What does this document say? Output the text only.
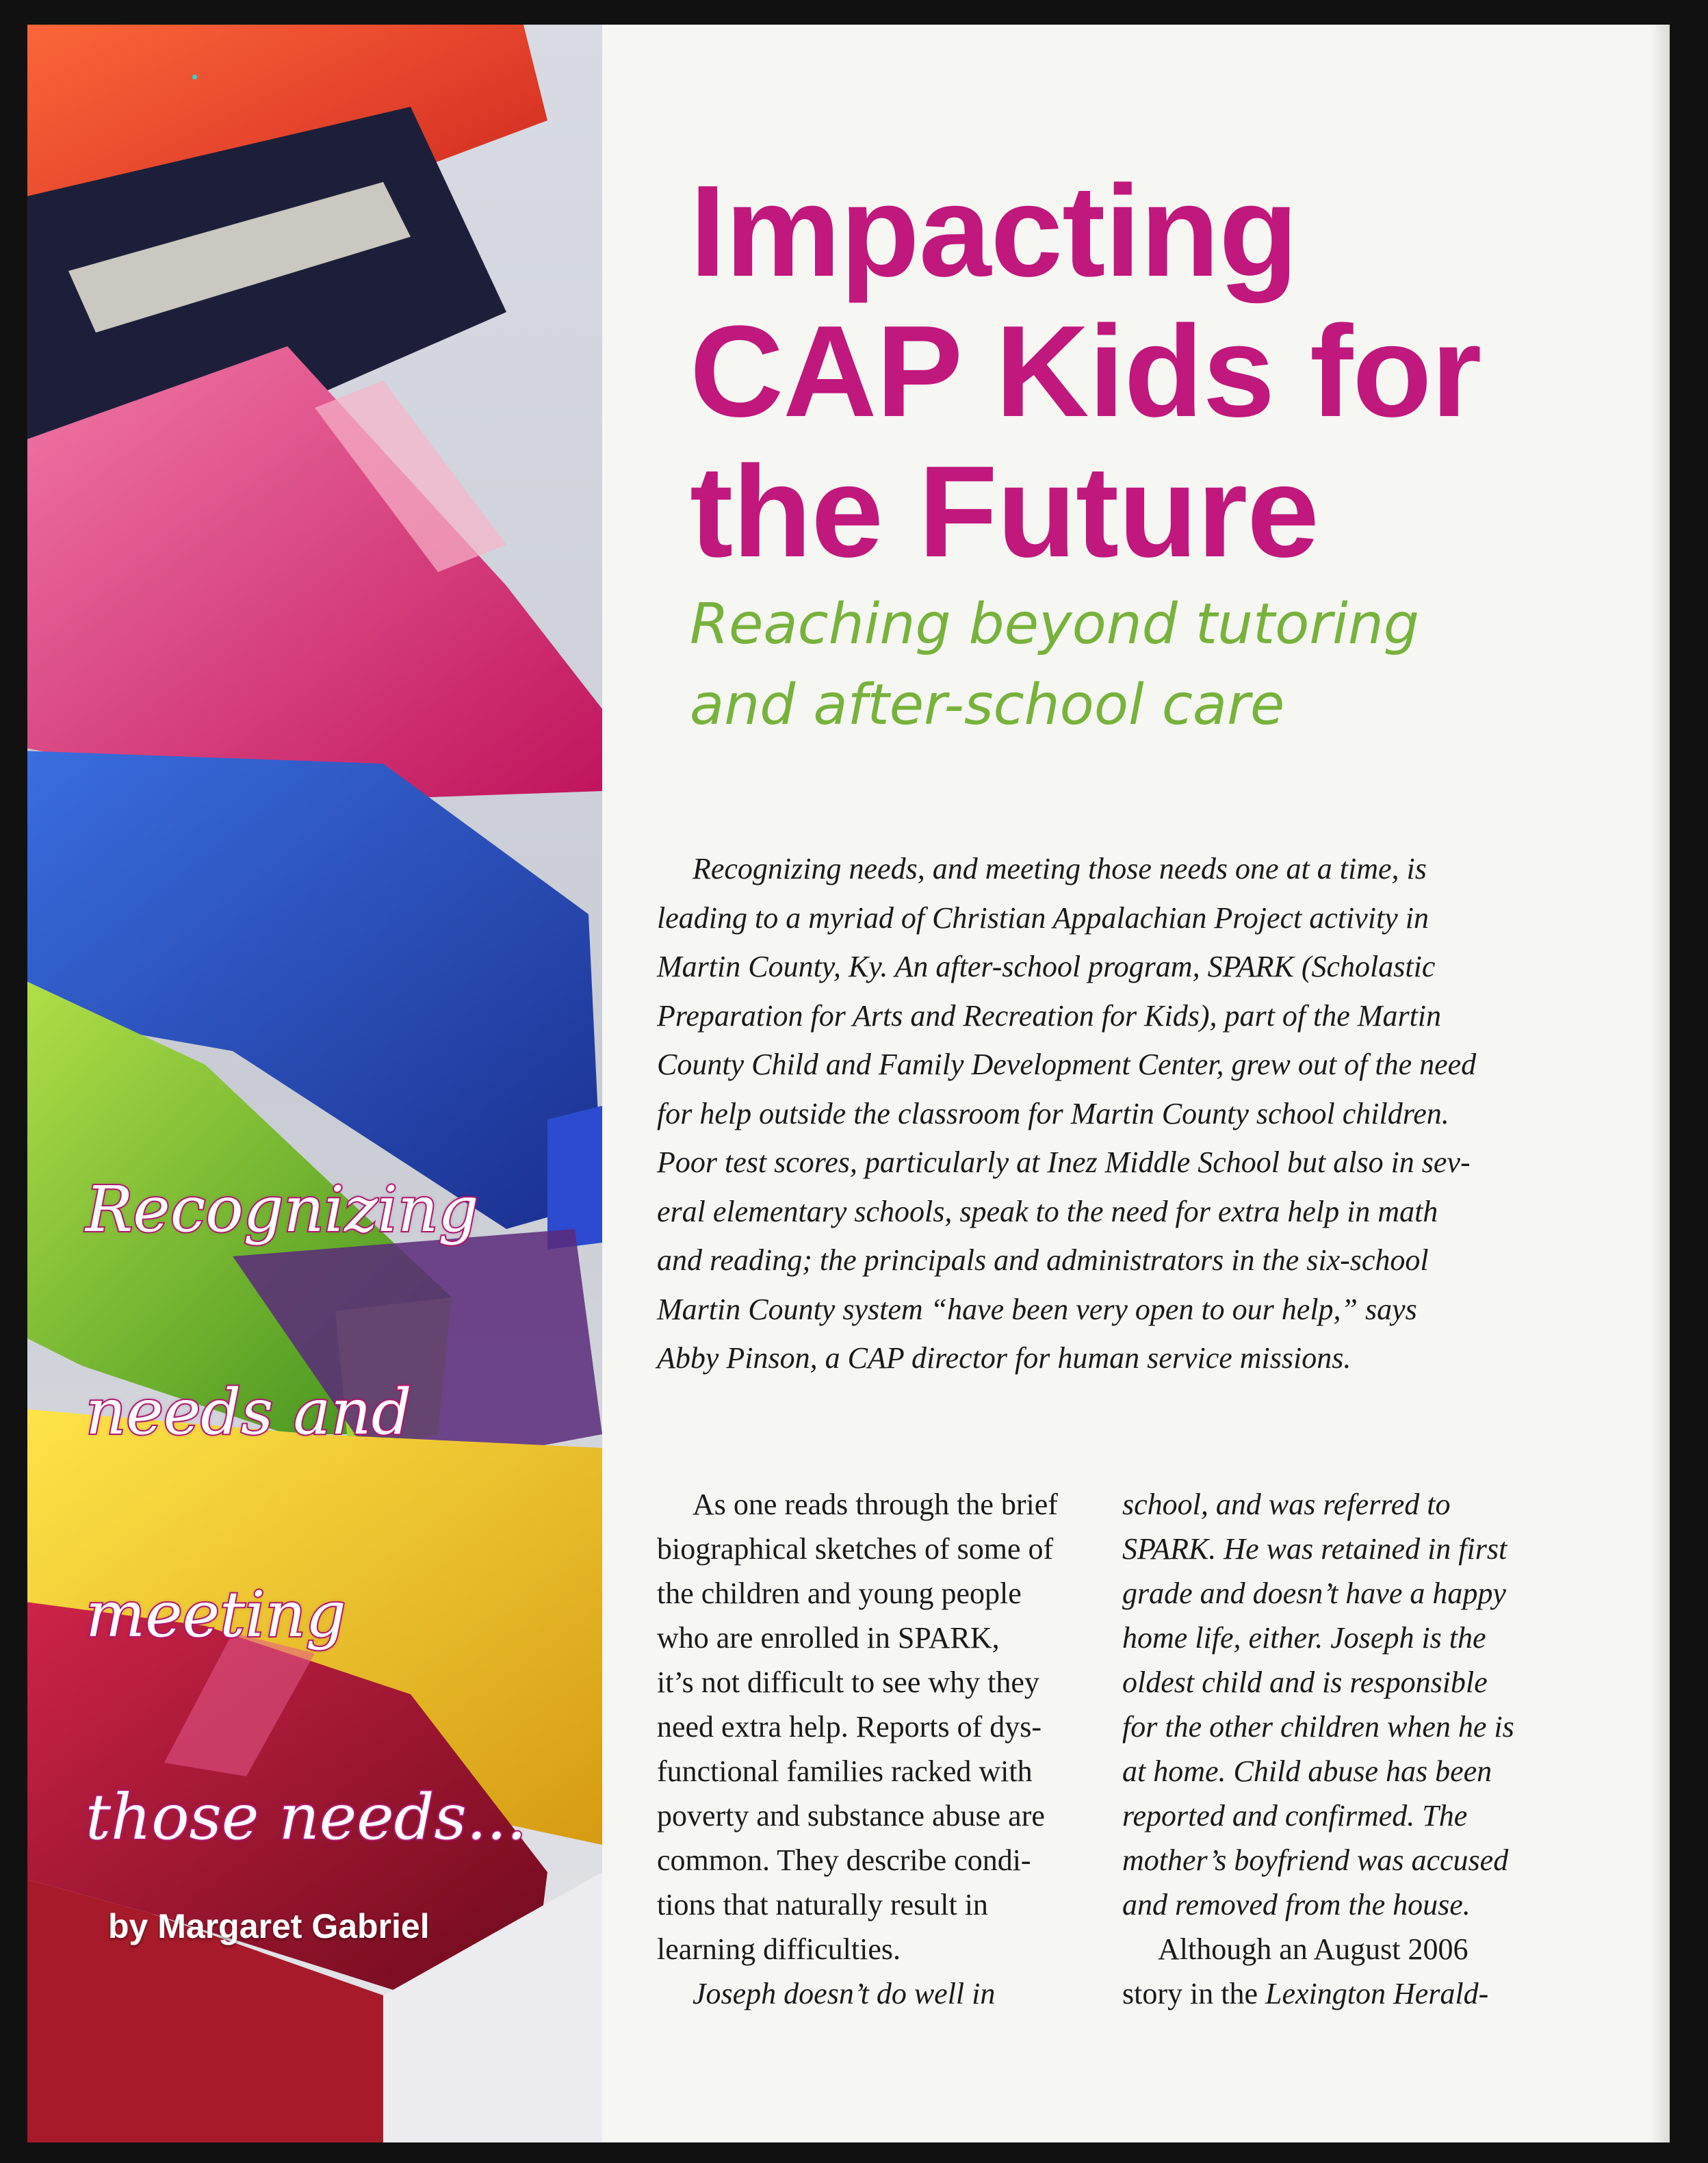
Recognizing

needs and

meeting

those needs...

by Margaret Gabriel
Impacting
CAP Kids for
the Future
Reaching beyond tutoring
and after-school care
Recognizing needs, and meeting those needs one at a time, is
leading to a myriad of Christian Appalachian Project activity in
Martin County, Ky. An after-school program, SPARK (Scholastic
Preparation for Arts and Recreation for Kids), part of the Martin
County Child and Family Development Center, grew out of the need
for help outside the classroom for Martin County school children.
Poor test scores, particularly at Inez Middle School but also in sev-
eral elementary schools, speak to the need for extra help in math
and reading; the principals and administrators in the six-school
Martin County system “have been very open to our help,” says
Abby Pinson, a CAP director for human service missions.
As one reads through the brief
biographical sketches of some of
the children and young people
who are enrolled in SPARK,
it’s not difficult to see why they
need extra help. Reports of dys-
functional families racked with
poverty and substance abuse are
common. They describe condi-
tions that naturally result in
learning difficulties.
Joseph doesn’t do well in
school, and was referred to
SPARK. He was retained in first
grade and doesn’t have a happy
home life, either. Joseph is the
oldest child and is responsible
for the other children when he is
at home. Child abuse has been
reported and confirmed. The
mother’s boyfriend was accused
and removed from the house.
Although an August 2006
story in the Lexington Herald-
